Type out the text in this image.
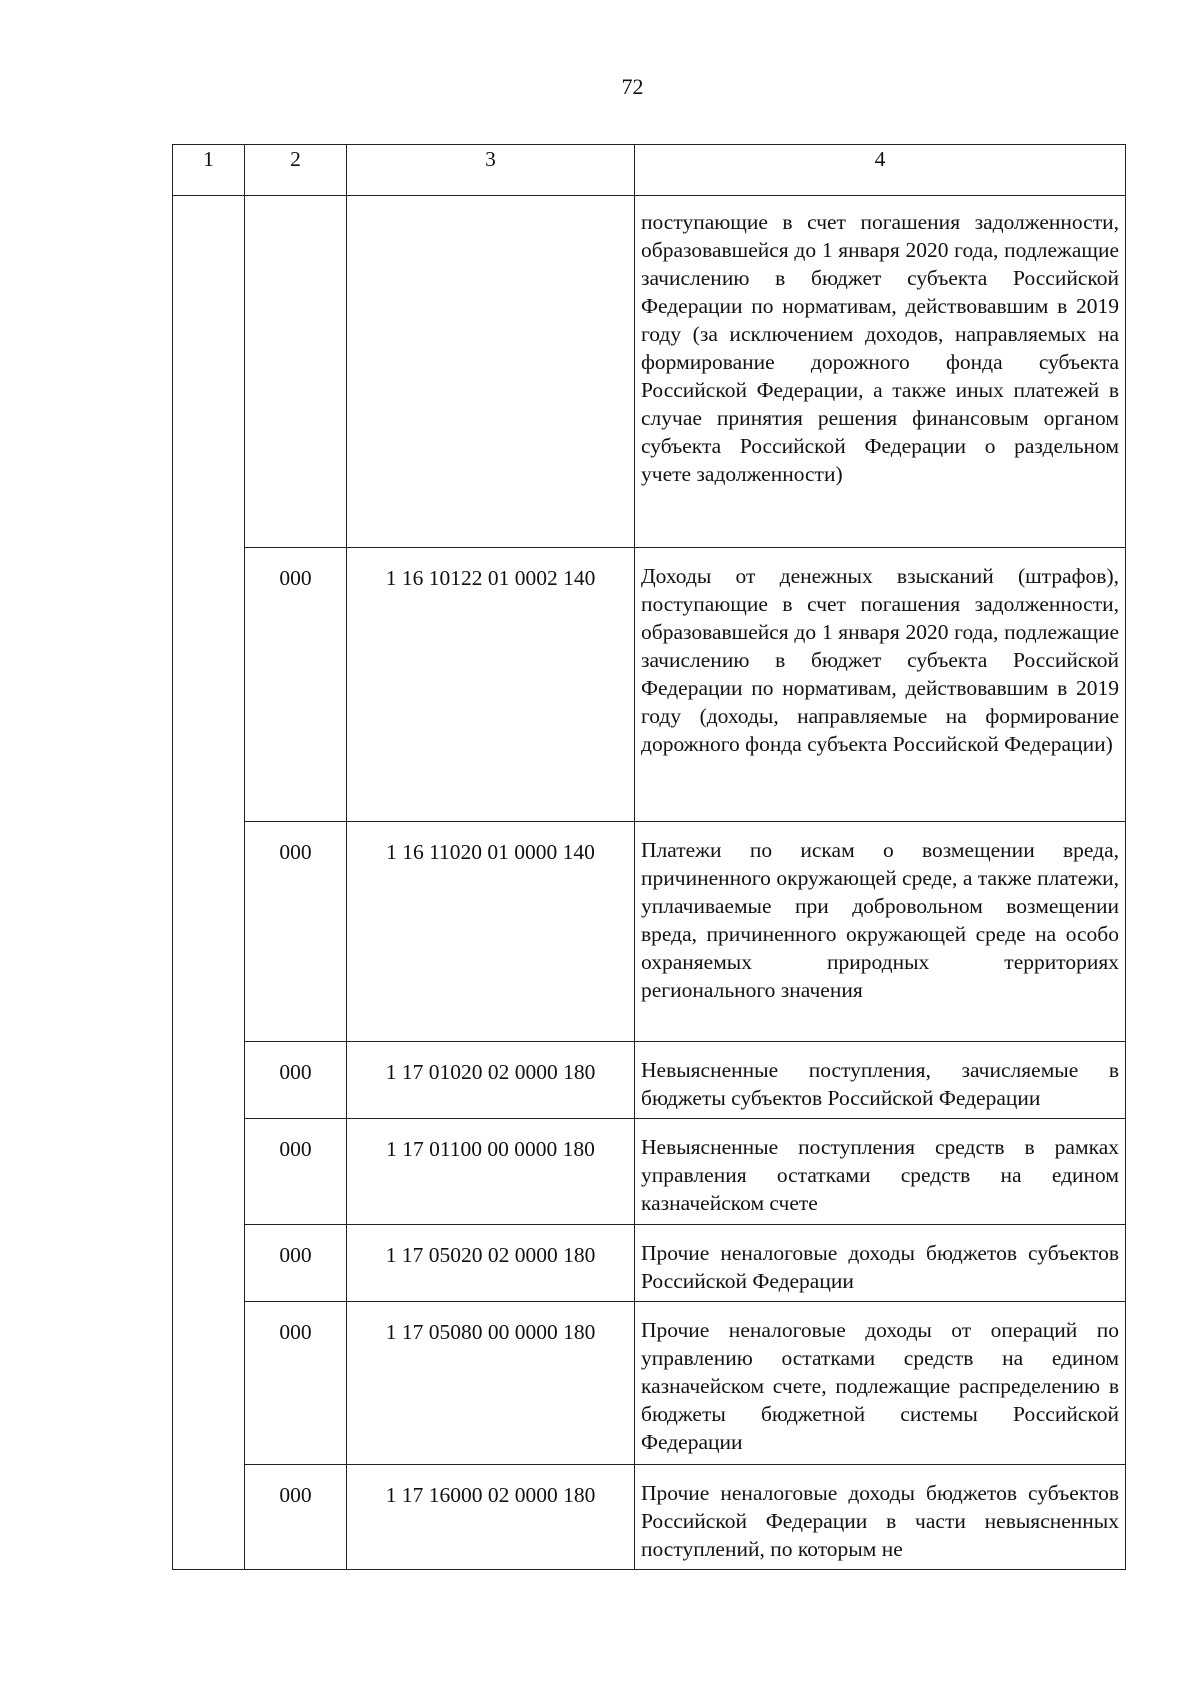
72
1	2	3	4
			поступающие в счет погашения задолженности, образовавшейся до 1 января 2020 года, подлежащие зачислению в бюджет субъекта Российской Федерации по нормативам, действовавшим в 2019 году (за исключением доходов, направляемых на формирование дорожного фонда субъекта Российской Федерации, а также иных платежей в случае принятия решения финансовым органом субъекта Российской Федерации о раздельном учете задолженности)
	000	1 16 10122 01 0002 140	Доходы от денежных взысканий (штрафов), поступающие в счет погашения задолженности, образовавшейся до 1 января 2020 года, подлежащие зачислению в бюджет субъекта Российской Федерации по нормативам, действовавшим в 2019 году (доходы, направляемые на формирование дорожного фонда субъекта Российской Федерации)
	000	1 16 11020 01 0000 140	Платежи по искам о возмещении вреда, причиненного окружающей среде, а также платежи, уплачиваемые при добровольном возмещении вреда, причиненного окружающей среде на особо охраняемых природных территориях регионального значения
	000	1 17 01020 02 0000 180	Невыясненные поступления, зачисляемые в бюджеты субъектов Российской Федерации
	000	1 17 01100 00 0000 180	Невыясненные поступления средств в рамках управления остатками средств на едином казначейском счете
	000	1 17 05020 02 0000 180	Прочие неналоговые доходы бюджетов субъектов Российской Федерации
	000	1 17 05080 00 0000 180	Прочие неналоговые доходы от операций по управлению остатками средств на едином казначейском счете, подлежащие распределению в бюджеты бюджетной системы Российской Федерации
	000	1 17 16000 02 0000 180	Прочие неналоговые доходы бюджетов субъектов Российской Федерации в части невыясненных поступлений, по которым не
